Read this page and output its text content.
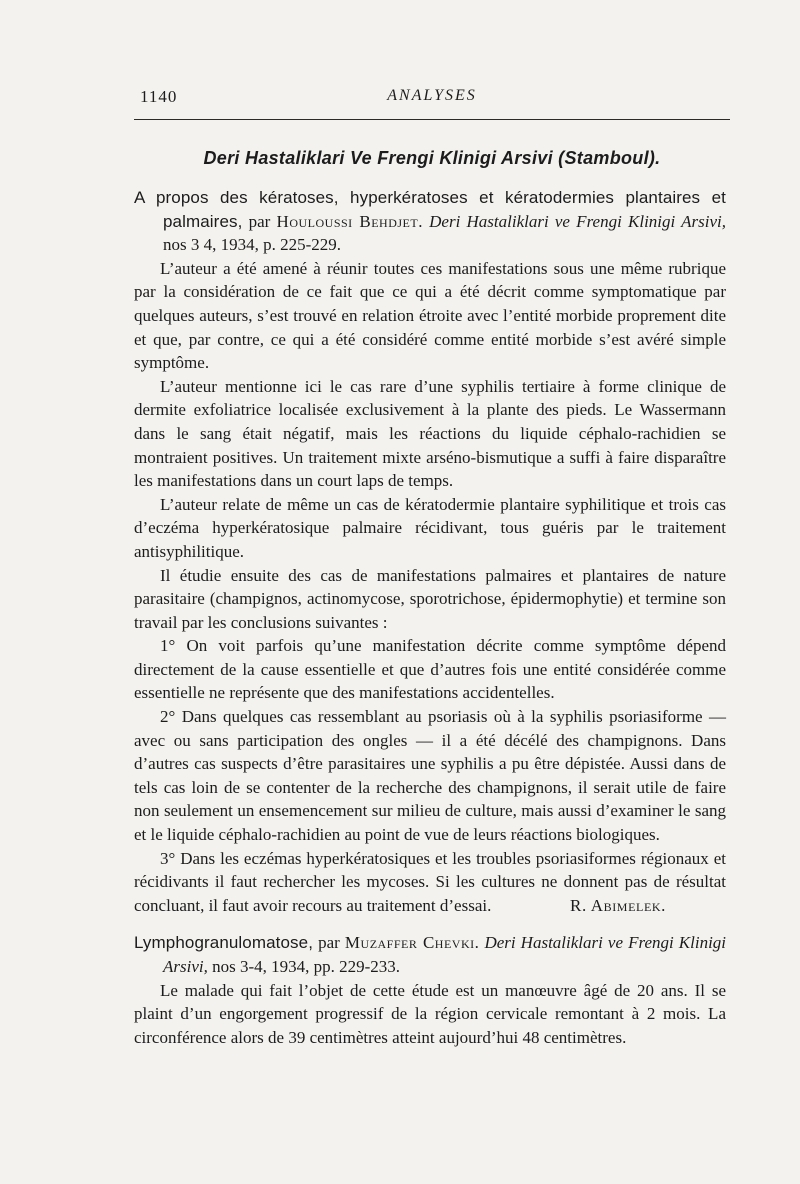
1140	ANALYSES
Deri Hastaliklari Ve Frengi Klinigi Arsivi (Stamboul).

A propos des kératoses, hyperkératoses et kératodermies plantaires et palmaires, par Houloussi Behdjet. Deri Hastaliklari ve Frengi Klinigi Arsivi, nos 3 4, 1934, p. 225-229.

L’auteur a été amené à réunir toutes ces manifestations sous une même rubrique par la considération de ce fait que ce qui a été décrit comme symptomatique par quelques auteurs, s’est trouvé en relation étroite avec l’entité morbide proprement dite et que, par contre, ce qui a été considéré comme entité morbide s’est avéré simple symptôme.

L’auteur mentionne ici le cas rare d’une syphilis tertiaire à forme clinique de dermite exfoliatrice localisée exclusivement à la plante des pieds. Le Wassermann dans le sang était négatif, mais les réactions du liquide céphalo-rachidien se montraient positives. Un traitement mixte arséno-bismutique a suffi à faire disparaître les manifestations dans un court laps de temps.

L’auteur relate de même un cas de kératodermie plantaire syphilitique et trois cas d’eczéma hyperkératosique palmaire récidivant, tous guéris par le traitement antisyphilitique.

Il étudie ensuite des cas de manifestations palmaires et plantaires de nature parasitaire (champignos, actinomycose, sporotrichose, épidermophytie) et termine son travail par les conclusions suivantes :

1° On voit parfois qu’une manifestation décrite comme symptôme dépend directement de la cause essentielle et que d’autres fois une entité considérée comme essentielle ne représente que des manifestations accidentelles.

2° Dans quelques cas ressemblant au psoriasis où à la syphilis psoriasiforme — avec ou sans participation des ongles — il a été décélé des champignons. Dans d’autres cas suspects d’être parasitaires une syphilis a pu être dépistée. Aussi dans de tels cas loin de se contenter de la recherche des champignons, il serait utile de faire non seulement un ensemencement sur milieu de culture, mais aussi d’examiner le sang et le liquide céphalo-rachidien au point de vue de leurs réactions biologiques.

3° Dans les eczémas hyperkératosiques et les troubles psoriasiformes régionaux et récidivants il faut rechercher les mycoses. Si les cultures ne donnent pas de résultat concluant, il faut avoir recours au traitement d’essai.	R. Abimelek.

Lymphogranulomatose, par Muzaffer Chevki. Deri Hastaliklari ve Frengi Klinigi Arsivi, nos 3-4, 1934, pp. 229-233.

Le malade qui fait l’objet de cette étude est un manœuvre âgé de 20 ans. Il se plaint d’un engorgement progressif de la région cervicale remontant à 2 mois. La circonférence alors de 39 centimètres atteint aujourd’hui 48 centimètres.
